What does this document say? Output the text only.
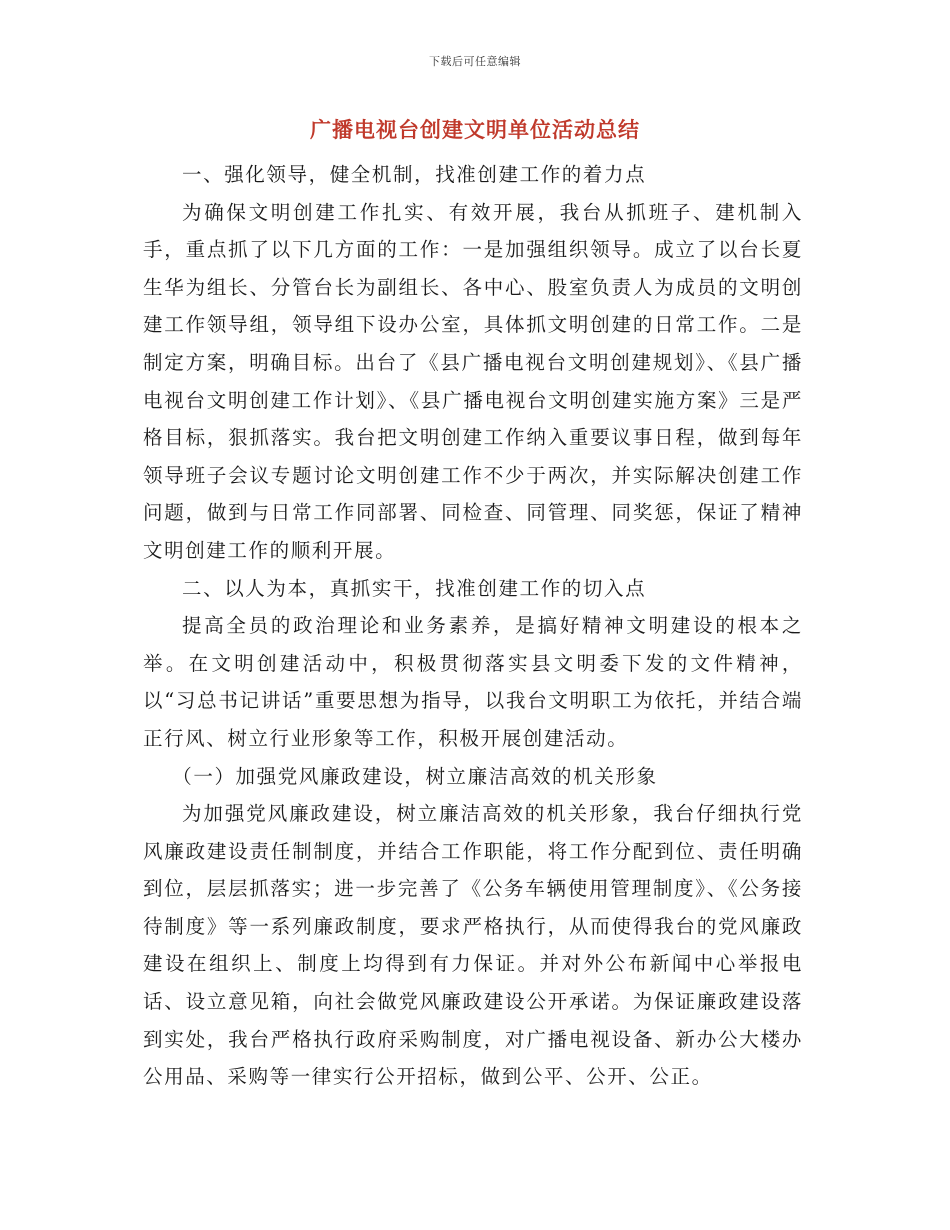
下载后可任意编辑
广播电视台创建文明单位活动总结

一、强化领导，健全机制，找准创建工作的着力点

为确保文明创建工作扎实、有效开展，我台从抓班子、建机制入手，重点抓了以下几方面的工作：一是加强组织领导。成立了以台长夏生华为组长、分管台长为副组长、各中心、股室负责人为成员的文明创建工作领导组，领导组下设办公室，具体抓文明创建的日常工作。二是制定方案，明确目标。出台了《县广播电视台文明创建规划》、《县广播电视台文明创建工作计划》、《县广播电视台文明创建实施方案》三是严格目标，狠抓落实。我台把文明创建工作纳入重要议事日程，做到每年领导班子会议专题讨论文明创建工作不少于两次，并实际解决创建工作问题，做到与日常工作同部署、同检查、同管理、同奖惩，保证了精神文明创建工作的顺利开展。

二、以人为本，真抓实干，找准创建工作的切入点

提高全员的政治理论和业务素养，是搞好精神文明建设的根本之举。在文明创建活动中，积极贯彻落实县文明委下发的文件精神，以“习总书记讲话”重要思想为指导，以我台文明职工为依托，并结合端正行风、树立行业形象等工作，积极开展创建活动。

（一）加强党风廉政建设，树立廉洁高效的机关形象

为加强党风廉政建设，树立廉洁高效的机关形象，我台仔细执行党风廉政建设责任制制度，并结合工作职能，将工作分配到位、责任明确到位，层层抓落实；进一步完善了《公务车辆使用管理制度》、《公务接待制度》等一系列廉政制度，要求严格执行，从而使得我台的党风廉政建设在组织上、制度上均得到有力保证。并对外公布新闻中心举报电话、设立意见箱，向社会做党风廉政建设公开承诺。为保证廉政建设落到实处，我台严格执行政府采购制度，对广播电视设备、新办公大楼办公用品、采购等一律实行公开招标，做到公平、公开、公正。
